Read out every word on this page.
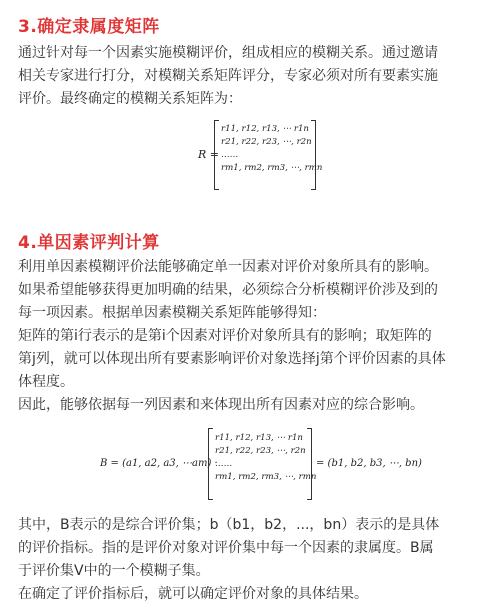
3.确定隶属度矩阵

通过针对每一个因素实施模糊评价，组成相应的模糊关系。通过邀请
相关专家进行打分，对模糊关系矩阵评分，专家必须对所有要素实施
评价。最终确定的模糊关系矩阵为：

R =
r11, r12, r13, ⋯ r1n
r21, r22, r23, ⋯, r2n
……
rm1, rm2, rm3, ⋯, rmn
4.单因素评判计算

利用单因素模糊评价法能够确定单一因素对评价对象所具有的影响。
如果希望能够获得更加明确的结果，必须综合分析模糊评价涉及到的
每一项因素。根据单因素模糊关系矩阵能够得知：
矩阵的第i行表示的是第i个因素对评价对象所具有的影响；取矩阵的
第j列，就可以体现出所有要素影响评价对象选择j第个评价因素的具体
体程度。
因此，能够依据每一列因素和来体现出所有因素对应的综合影响。

B = (a1, a2, a3, ⋯am) ·
r11, r12, r13, ⋯ r1n
r21, r22, r23, ⋯, r2n
……
rm1, rm2, rm3, ⋯, rmn
= (b1, b2, b3, ⋯, bn)

其中，B表示的是综合评价集；b（b1，b2，...，bn）表示的是具体
的评价指标。指的是评价对象对评价集中每一个因素的隶属度。B属
于评价集V中的一个模糊子集。
在确定了评价指标后，就可以确定评价对象的具体结果。
